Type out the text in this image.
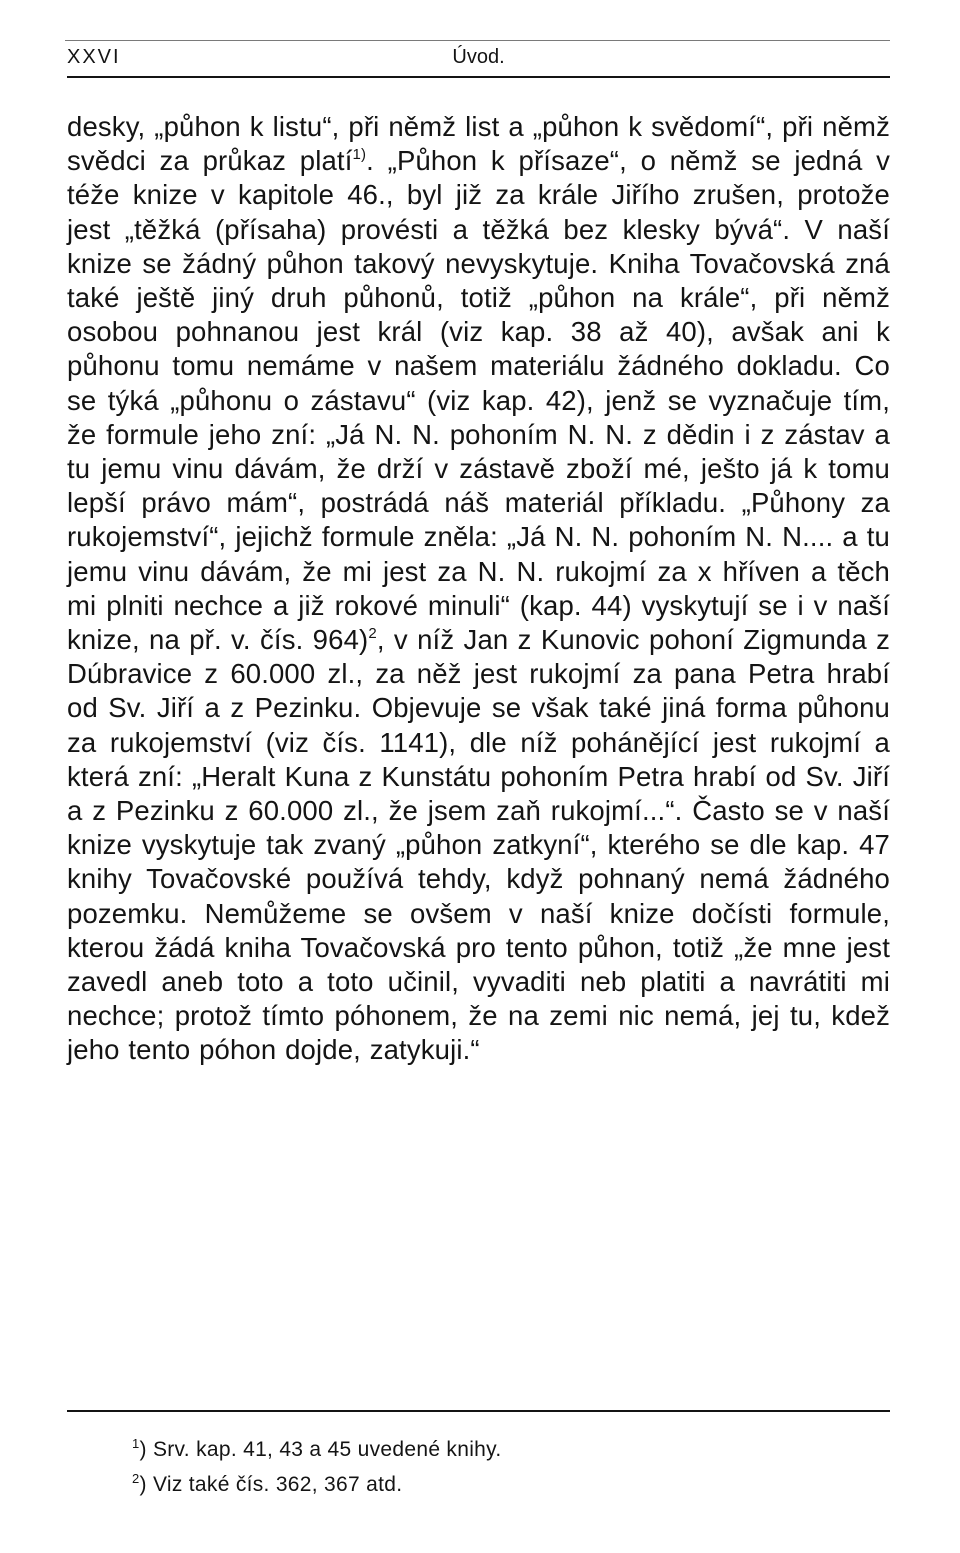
XXVI	Úvod.

desky, „půhon k listu“, při němž list a „půhon k svědomí“, při němž svědci za průkaz platí$^{1)}$. „Půhon k přísaze“, o němž se jedná v téže knize v kapitole 46., byl již za krále Jiřího zrušen, protože jest „těžká (přísaha) provésti a těžká bez klesky bývá“. V naší knize se žádný půhon takový nevyskytuje. Kniha Tovačovská zná také ještě jiný druh půhonů, totiž „půhon na krále“, při němž osobou pohnanou jest král (viz kap. 38 až 40), avšak ani k půhonu tomu nemáme v našem materiálu žádného dokladu. Co se týká „půhonu o zástavu“ (viz kap. 42), jenž se vyznačuje tím, že formule jeho zní: „Já N. N. pohoním N. N. z dědin i z zástav a tu jemu vinu dávám, že drží v zástavě zboží mé, ješto já k tomu lepší právo mám“, postrádá náš materiál příkladu. „Půhony za rukojemství“, jejichž formule zněla: „Já N. N. pohoním N. N.... a tu jemu vinu dávám, že mi jest za N. N. rukojmí za x hříven a těch mi plniti nechce a již rokové minuli“ (kap. 44) vyskytují se i v naší knize, na př. v. čís. 964)$^2$, v níž Jan z Kunovic pohoní Zigmunda z Dúbravice z 60.000 zl., za něž jest rukojmí za pana Petra hrabí od Sv. Jiří a z Pezinku. Objevuje se však také jiná forma půhonu za rukojemství (viz čís. 1141), dle níž pohánějící jest rukojmí a která zní: „Heralt Kuna z Kunstátu pohoním Petra hrabí od Sv. Jiří a z Pezinku z 60.000 zl., že jsem zaň rukojmí...“. Často se v naší knize vyskytuje tak zvaný „půhon zatkyní“, kterého se dle kap. 47 knihy Tovačovské používá tehdy, když pohnaný nemá žádného pozemku. Nemůžeme se ovšem v naší knize dočísti formule, kterou žádá kniha Tovačovská pro tento půhon, totiž „že mne jest zavedl aneb toto a toto učinil, vyvaditi neb platiti a navrátiti mi nechce; protož tímto póhonem, že na zemi nic nemá, jej tu, kdež jeho tento póhon dojde, zatykuji.“

$^1$) Srv. kap. 41, 43 a 45 uvedené knihy.
$^2$) Viz také čís. 362, 367 atd.
